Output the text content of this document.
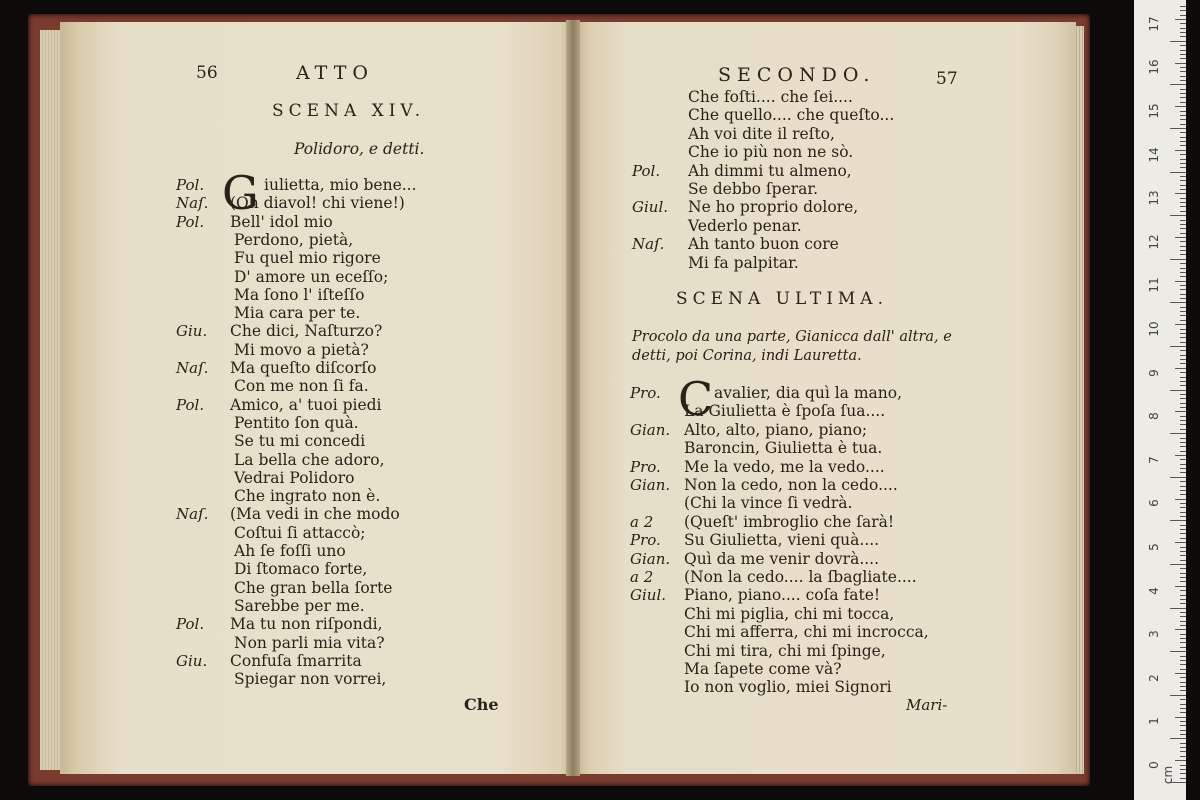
56	ATTO
SCENA XIV.
Polidoro, e detti.
G
Pol.	iulietta, mio bene...
Naſ. (Oh diavol! chi viene!)
Pol. Bell' idol mio
Perdono, pietà,
Fu quel mio rigore
D' amore un eceſſo;
Ma ſono l' iſteſſo
Mia cara per te.
Giu. Che dici, Naſturzo?
Mi movo a pietà?
Naſ. Ma queſto diſcorſo
Con me non ſi fa.
Pol. Amico, a' tuoi piedi
Pentito ſon quà.
Se tu mi concedi
La bella che adoro,
Vedrai Polidoro
Che ingrato non è.
Naſ. (Ma vedi in che modo
Coſtui ſi attaccò;
Ah ſe foſſi uno
Di ſtomaco forte,
Che gran bella ſorte
Sarebbe per me.
Pol. Ma tu non riſpondi,
Non parli mia vita?
Giu. Confuſa ſmarrita
Spiegar non vorrei,
Che
SECONDO.	57
Che foſti.... che ſei....
Che quello.... che queſto...
Ah voi dite il reſto,
Che io più non ne sò.
Pol. Ah dimmi tu almeno,
Se debbo ſperar.
Giul. Ne ho proprio dolore,
Vederlo penar.
Naſ. Ah tanto buon core
Mi fa palpitar.
SCENA ULTIMA.
Procolo da una parte, Gianicca dall' altra, e
detti, poi Corina, indi Lauretta.
C
Pro.	avalier, dia quì la mano,
La Giulietta è ſpoſa ſua....
Gian. Alto, alto, piano, piano;
Baroncin, Giulietta è tua.
Pro. Me la vedo, me la vedo....
Gian. Non la cedo, non la cedo....
(Chi la vince ſi vedrà.
a 2 (Queſt' imbroglio che ſarà!
Pro. Su Giulietta, vieni quà....
Gian. Quì da me venir dovrà....
a 2 (Non la cedo.... la ſbagliate....
Giul. Piano, piano.... coſa fate!
Chi mi piglia, chi mi tocca,
Chi mi afferra, chi mi incrocca,
Chi mi tira, chi mi ſpinge,
Ma ſapete come và?
Io non voglio, miei Signori
Mari-
0
1
2
3
4
5
6
7
8
9
10
11
12
13
14
15
16
17
cm
